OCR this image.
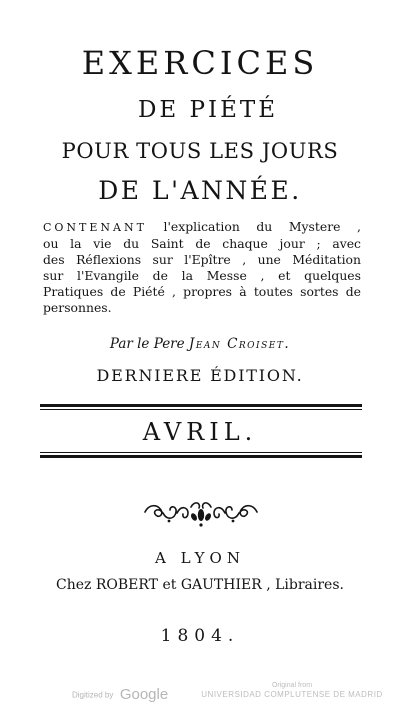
EXERCICES
DE PIÉTÉ
POUR TOUS LES JOURS
DE L'ANNÉE.
CONTENANT l'explication du Mystere ,
ou la vie du Saint de chaque jour ; avec
des Réflexions sur l'Epître , une Méditation
sur l'Evangile de la Messe , et quelques
Pratiques de Piété , propres à toutes sortes de
personnes.
Par le Pere Jean Croiset.
DERNIERE ÉDITION.
AVRIL.
A LYON
Chez ROBERT et GAUTHIER , Libraires.
1804.
Digitized by Google
Original from
UNIVERSIDAD COMPLUTENSE DE MADRID
